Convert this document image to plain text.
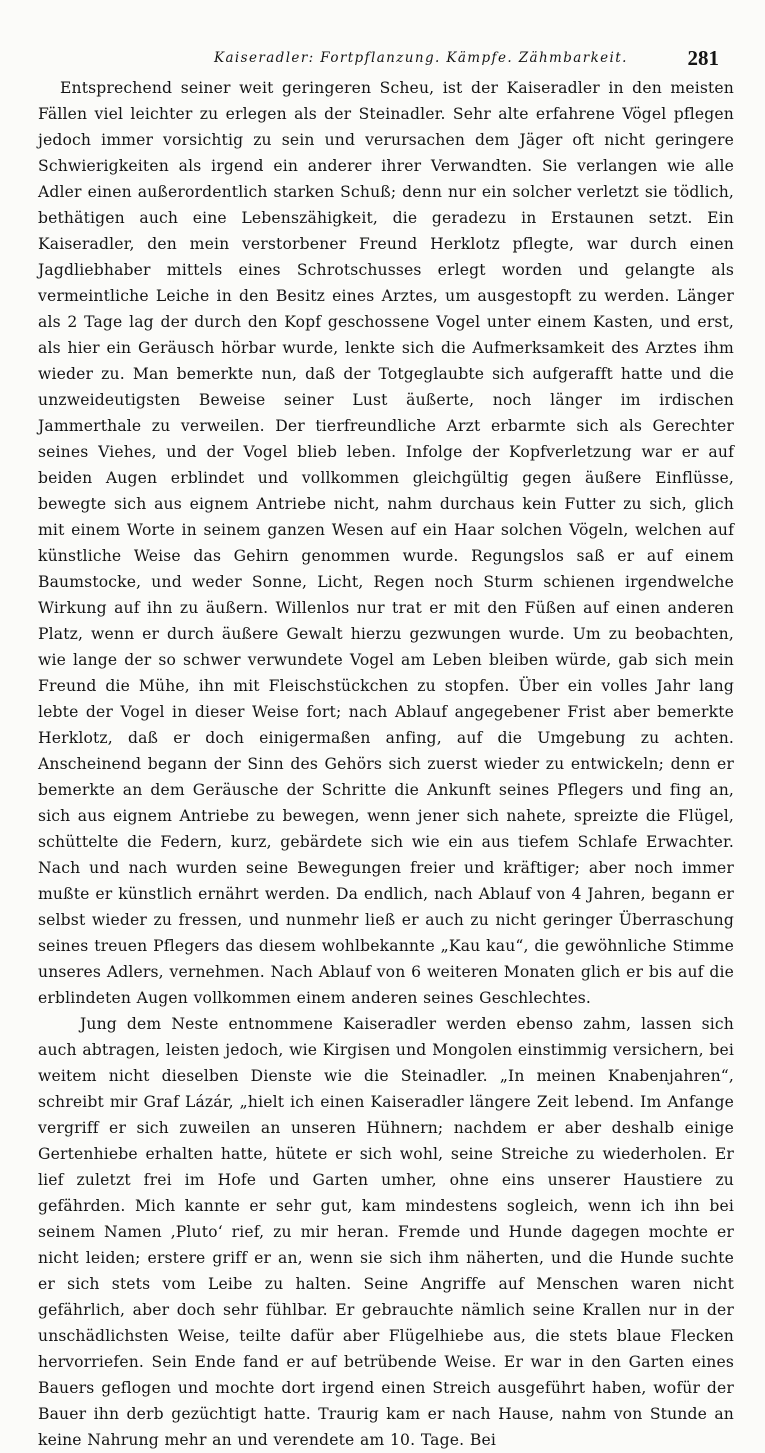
Kaiseradler: Fortpflanzung. Kämpfe. Zähmbarkeit.	281

Entsprechend seiner weit geringeren Scheu, ist der Kaiseradler in den meisten Fällen viel leichter zu erlegen als der Steinadler. Sehr alte erfahrene Vögel pflegen jedoch immer vorsichtig zu sein und verursachen dem Jäger oft nicht geringere Schwierigkeiten als irgend ein anderer ihrer Verwandten. Sie verlangen wie alle Adler einen außerordentlich starken Schuß; denn nur ein solcher verletzt sie tödlich, bethätigen auch eine Lebenszähigkeit, die geradezu in Erstaunen setzt. Ein Kaiseradler, den mein verstorbener Freund Herklotz pflegte, war durch einen Jagdliebhaber mittels eines Schrotschusses erlegt worden und gelangte als vermeintliche Leiche in den Besitz eines Arztes, um ausgestopft zu werden. Länger als 2 Tage lag der durch den Kopf geschossene Vogel unter einem Kasten, und erst, als hier ein Geräusch hörbar wurde, lenkte sich die Aufmerksamkeit des Arztes ihm wieder zu. Man bemerkte nun, daß der Totgeglaubte sich aufgerafft hatte und die unzweideutigsten Beweise seiner Lust äußerte, noch länger im irdischen Jammerthale zu verweilen. Der tierfreundliche Arzt erbarmte sich als Gerechter seines Viehes, und der Vogel blieb leben. Infolge der Kopfverletzung war er auf beiden Augen erblindet und vollkommen gleichgültig gegen äußere Einflüsse, bewegte sich aus eignem Antriebe nicht, nahm durchaus kein Futter zu sich, glich mit einem Worte in seinem ganzen Wesen auf ein Haar solchen Vögeln, welchen auf künstliche Weise das Gehirn genommen wurde. Regungslos saß er auf einem Baumstocke, und weder Sonne, Licht, Regen noch Sturm schienen irgendwelche Wirkung auf ihn zu äußern. Willenlos nur trat er mit den Füßen auf einen anderen Platz, wenn er durch äußere Gewalt hierzu gezwungen wurde. Um zu beobachten, wie lange der so schwer verwundete Vogel am Leben bleiben würde, gab sich mein Freund die Mühe, ihn mit Fleischstückchen zu stopfen. Über ein volles Jahr lang lebte der Vogel in dieser Weise fort; nach Ablauf angegebener Frist aber bemerkte Herklotz, daß er doch einigermaßen anfing, auf die Umgebung zu achten. Anscheinend begann der Sinn des Gehörs sich zuerst wieder zu entwickeln; denn er bemerkte an dem Geräusche der Schritte die Ankunft seines Pflegers und fing an, sich aus eignem Antriebe zu bewegen, wenn jener sich nahete, spreizte die Flügel, schüttelte die Federn, kurz, gebärdete sich wie ein aus tiefem Schlafe Erwachter. Nach und nach wurden seine Bewegungen freier und kräftiger; aber noch immer mußte er künstlich ernährt werden. Da endlich, nach Ablauf von 4 Jahren, begann er selbst wieder zu fressen, und nunmehr ließ er auch zu nicht geringer Überraschung seines treuen Pflegers das diesem wohlbekannte „Kau kau“, die gewöhnliche Stimme unseres Adlers, vernehmen. Nach Ablauf von 6 weiteren Monaten glich er bis auf die erblindeten Augen vollkommen einem anderen seines Geschlechtes.

Jung dem Neste entnommene Kaiseradler werden ebenso zahm, lassen sich auch abtragen, leisten jedoch, wie Kirgisen und Mongolen einstimmig versichern, bei weitem nicht dieselben Dienste wie die Steinadler. „In meinen Knabenjahren“, schreibt mir Graf Lázár, „hielt ich einen Kaiseradler längere Zeit lebend. Im Anfange vergriff er sich zuweilen an unseren Hühnern; nachdem er aber deshalb einige Gertenhiebe erhalten hatte, hütete er sich wohl, seine Streiche zu wiederholen. Er lief zuletzt frei im Hofe und Garten umher, ohne eins unserer Haustiere zu gefährden. Mich kannte er sehr gut, kam mindestens sogleich, wenn ich ihn bei seinem Namen ‚Pluto‘ rief, zu mir heran. Fremde und Hunde dagegen mochte er nicht leiden; erstere griff er an, wenn sie sich ihm näherten, und die Hunde suchte er sich stets vom Leibe zu halten. Seine Angriffe auf Menschen waren nicht gefährlich, aber doch sehr fühlbar. Er gebrauchte nämlich seine Krallen nur in der unschädlichsten Weise, teilte dafür aber Flügelhiebe aus, die stets blaue Flecken hervorriefen. Sein Ende fand er auf betrübende Weise. Er war in den Garten eines Bauers geflogen und mochte dort irgend einen Streich ausgeführt haben, wofür der Bauer ihn derb gezüchtigt hatte. Traurig kam er nach Hause, nahm von Stunde an keine Nahrung mehr an und verendete am 10. Tage. Bei
